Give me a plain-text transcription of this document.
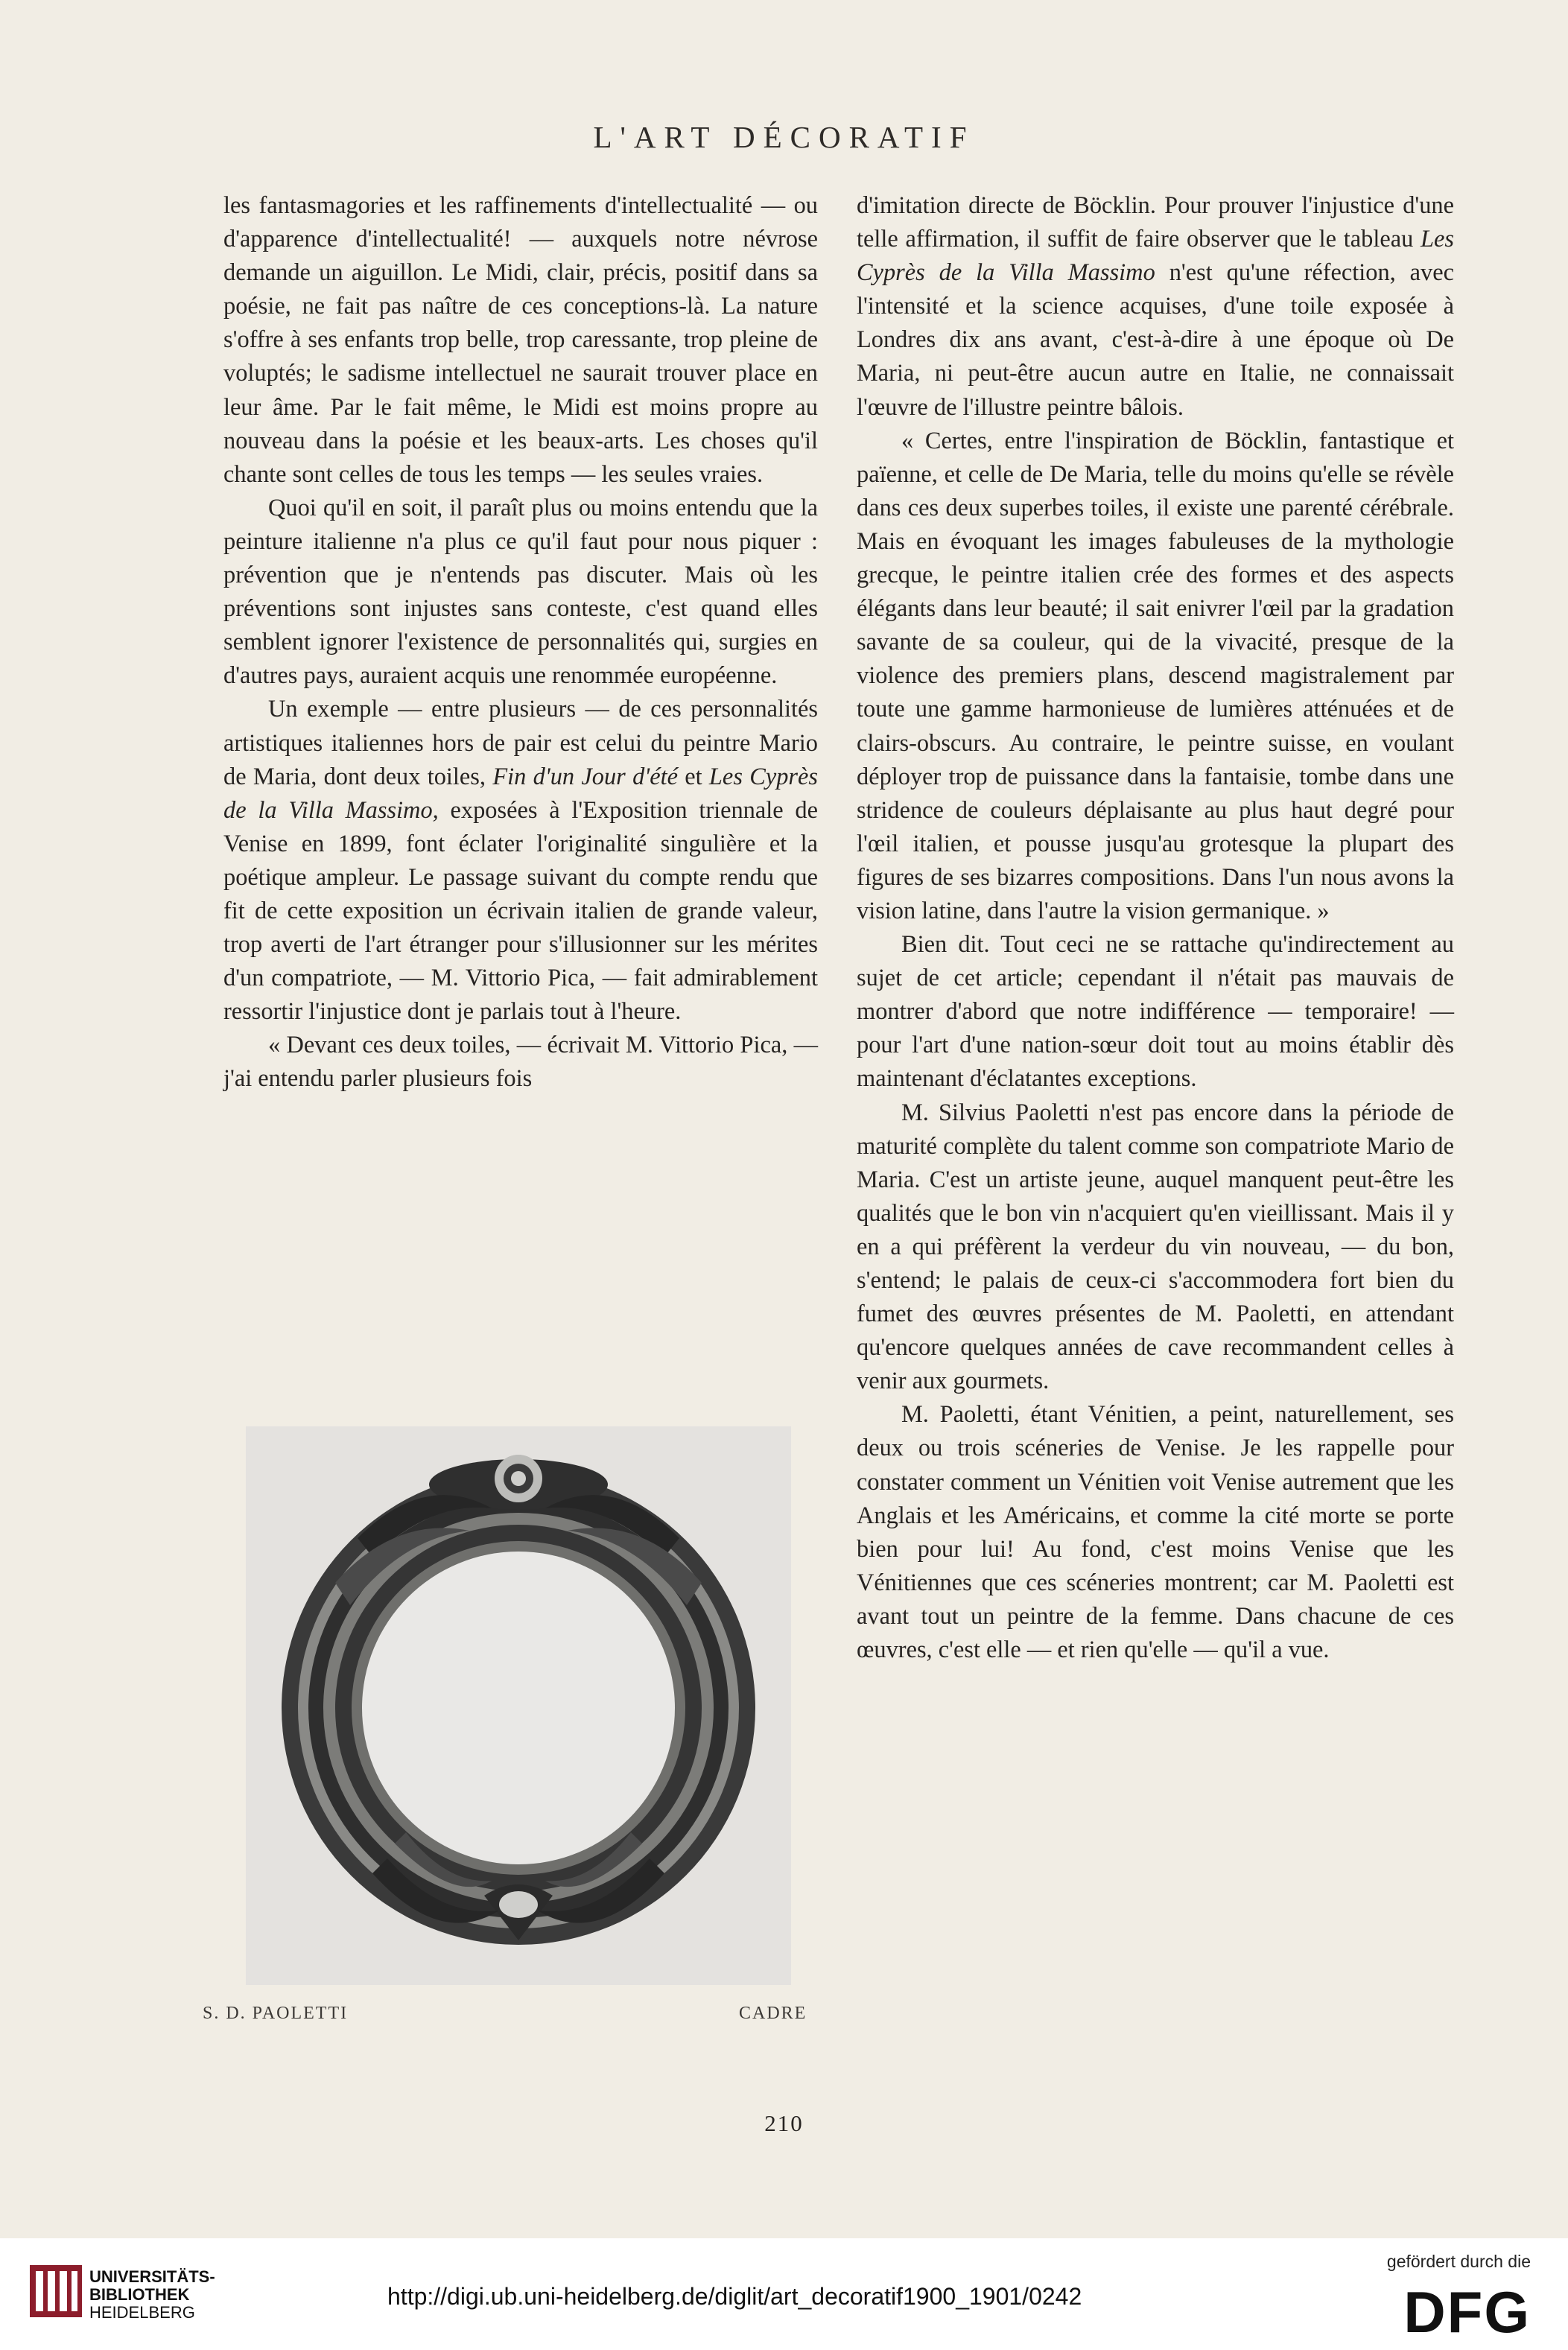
L'ART DÉCORATIF

les fantasmagories et les raffinements d'intellectualité — ou d'apparence d'intellectualité! — auxquels notre névrose demande un aiguillon. Le Midi, clair, précis, positif dans sa poésie, ne fait pas naître de ces conceptions-là. La nature s'offre à ses enfants trop belle, trop caressante, trop pleine de voluptés; le sadisme intellectuel ne saurait trouver place en leur âme. Par le fait même, le Midi est moins propre au nouveau dans la poésie et les beaux-arts. Les choses qu'il chante sont celles de tous les temps — les seules vraies.

Quoi qu'il en soit, il paraît plus ou moins entendu que la peinture italienne n'a plus ce qu'il faut pour nous piquer : prévention que je n'entends pas discuter. Mais où les préventions sont injustes sans conteste, c'est quand elles semblent ignorer l'existence de personnalités qui, surgies en d'autres pays, auraient acquis une renommée européenne.

Un exemple — entre plusieurs — de ces personnalités artistiques italiennes hors de pair est celui du peintre Mario de Maria, dont deux toiles, Fin d'un Jour d'été et Les Cyprès de la Villa Massimo, exposées à l'Exposition triennale de Venise en 1899, font éclater l'originalité singulière et la poétique ampleur. Le passage suivant du compte rendu que fit de cette exposition un écrivain italien de grande valeur, trop averti de l'art étranger pour s'illusionner sur les mérites d'un compatriote, — M. Vittorio Pica, — fait admirablement ressortir l'injustice dont je parlais tout à l'heure.

« Devant ces deux toiles, — écrivait M. Vittorio Pica, — j'ai entendu parler plusieurs fois

S. D. PAOLETTI	CADRE

d'imitation directe de Böcklin. Pour prouver l'injustice d'une telle affirmation, il suffit de faire observer que le tableau Les Cyprès de la Villa Massimo n'est qu'une réfection, avec l'intensité et la science acquises, d'une toile exposée à Londres dix ans avant, c'est-à-dire à une époque où De Maria, ni peut-être aucun autre en Italie, ne connaissait l'œuvre de l'illustre peintre bâlois.

« Certes, entre l'inspiration de Böcklin, fantastique et païenne, et celle de De Maria, telle du moins qu'elle se révèle dans ces deux superbes toiles, il existe une parenté cérébrale. Mais en évoquant les images fabuleuses de la mythologie grecque, le peintre italien crée des formes et des aspects élégants dans leur beauté; il sait enivrer l'œil par la gradation savante de sa couleur, qui de la vivacité, presque de la violence des premiers plans, descend magistralement par toute une gamme harmonieuse de lumières atténuées et de clairs-obscurs. Au contraire, le peintre suisse, en voulant déployer trop de puissance dans la fantaisie, tombe dans une stridence de couleurs déplaisante au plus haut degré pour l'œil italien, et pousse jusqu'au grotesque la plupart des figures de ses bizarres compositions. Dans l'un nous avons la vision latine, dans l'autre la vision germanique. »

Bien dit. Tout ceci ne se rattache qu'indirectement au sujet de cet article; cependant il n'était pas mauvais de montrer d'abord que notre indifférence — temporaire! — pour l'art d'une nation-sœur doit tout au moins établir dès maintenant d'éclatantes exceptions.

M. Silvius Paoletti n'est pas encore dans la période de maturité complète du talent comme son compatriote Mario de Maria. C'est un artiste jeune, auquel manquent peut-être les qualités que le bon vin n'acquiert qu'en vieillissant. Mais il y en a qui préfèrent la verdeur du vin nouveau, — du bon, s'entend; le palais de ceux-ci s'accommodera fort bien du fumet des œuvres présentes de M. Paoletti, en attendant qu'encore quelques années de cave recommandent celles à venir aux gourmets.

M. Paoletti, étant Vénitien, a peint, naturellement, ses deux ou trois scéneries de Venise. Je les rappelle pour constater comment un Vénitien voit Venise autrement que les Anglais et les Américains, et comme la cité morte se porte bien pour lui! Au fond, c'est moins Venise que les Vénitiennes que ces scéneries montrent; car M. Paoletti est avant tout un peintre de la femme. Dans chacune de ces œuvres, c'est elle — et rien qu'elle — qu'il a vue.

210
UNIVERSITÄTS-
BIBLIOTHEK
HEIDELBERG
http://digi.ub.uni-heidelberg.de/diglit/art_decoratif1900_1901/0242
gefördert durch die
DFG
